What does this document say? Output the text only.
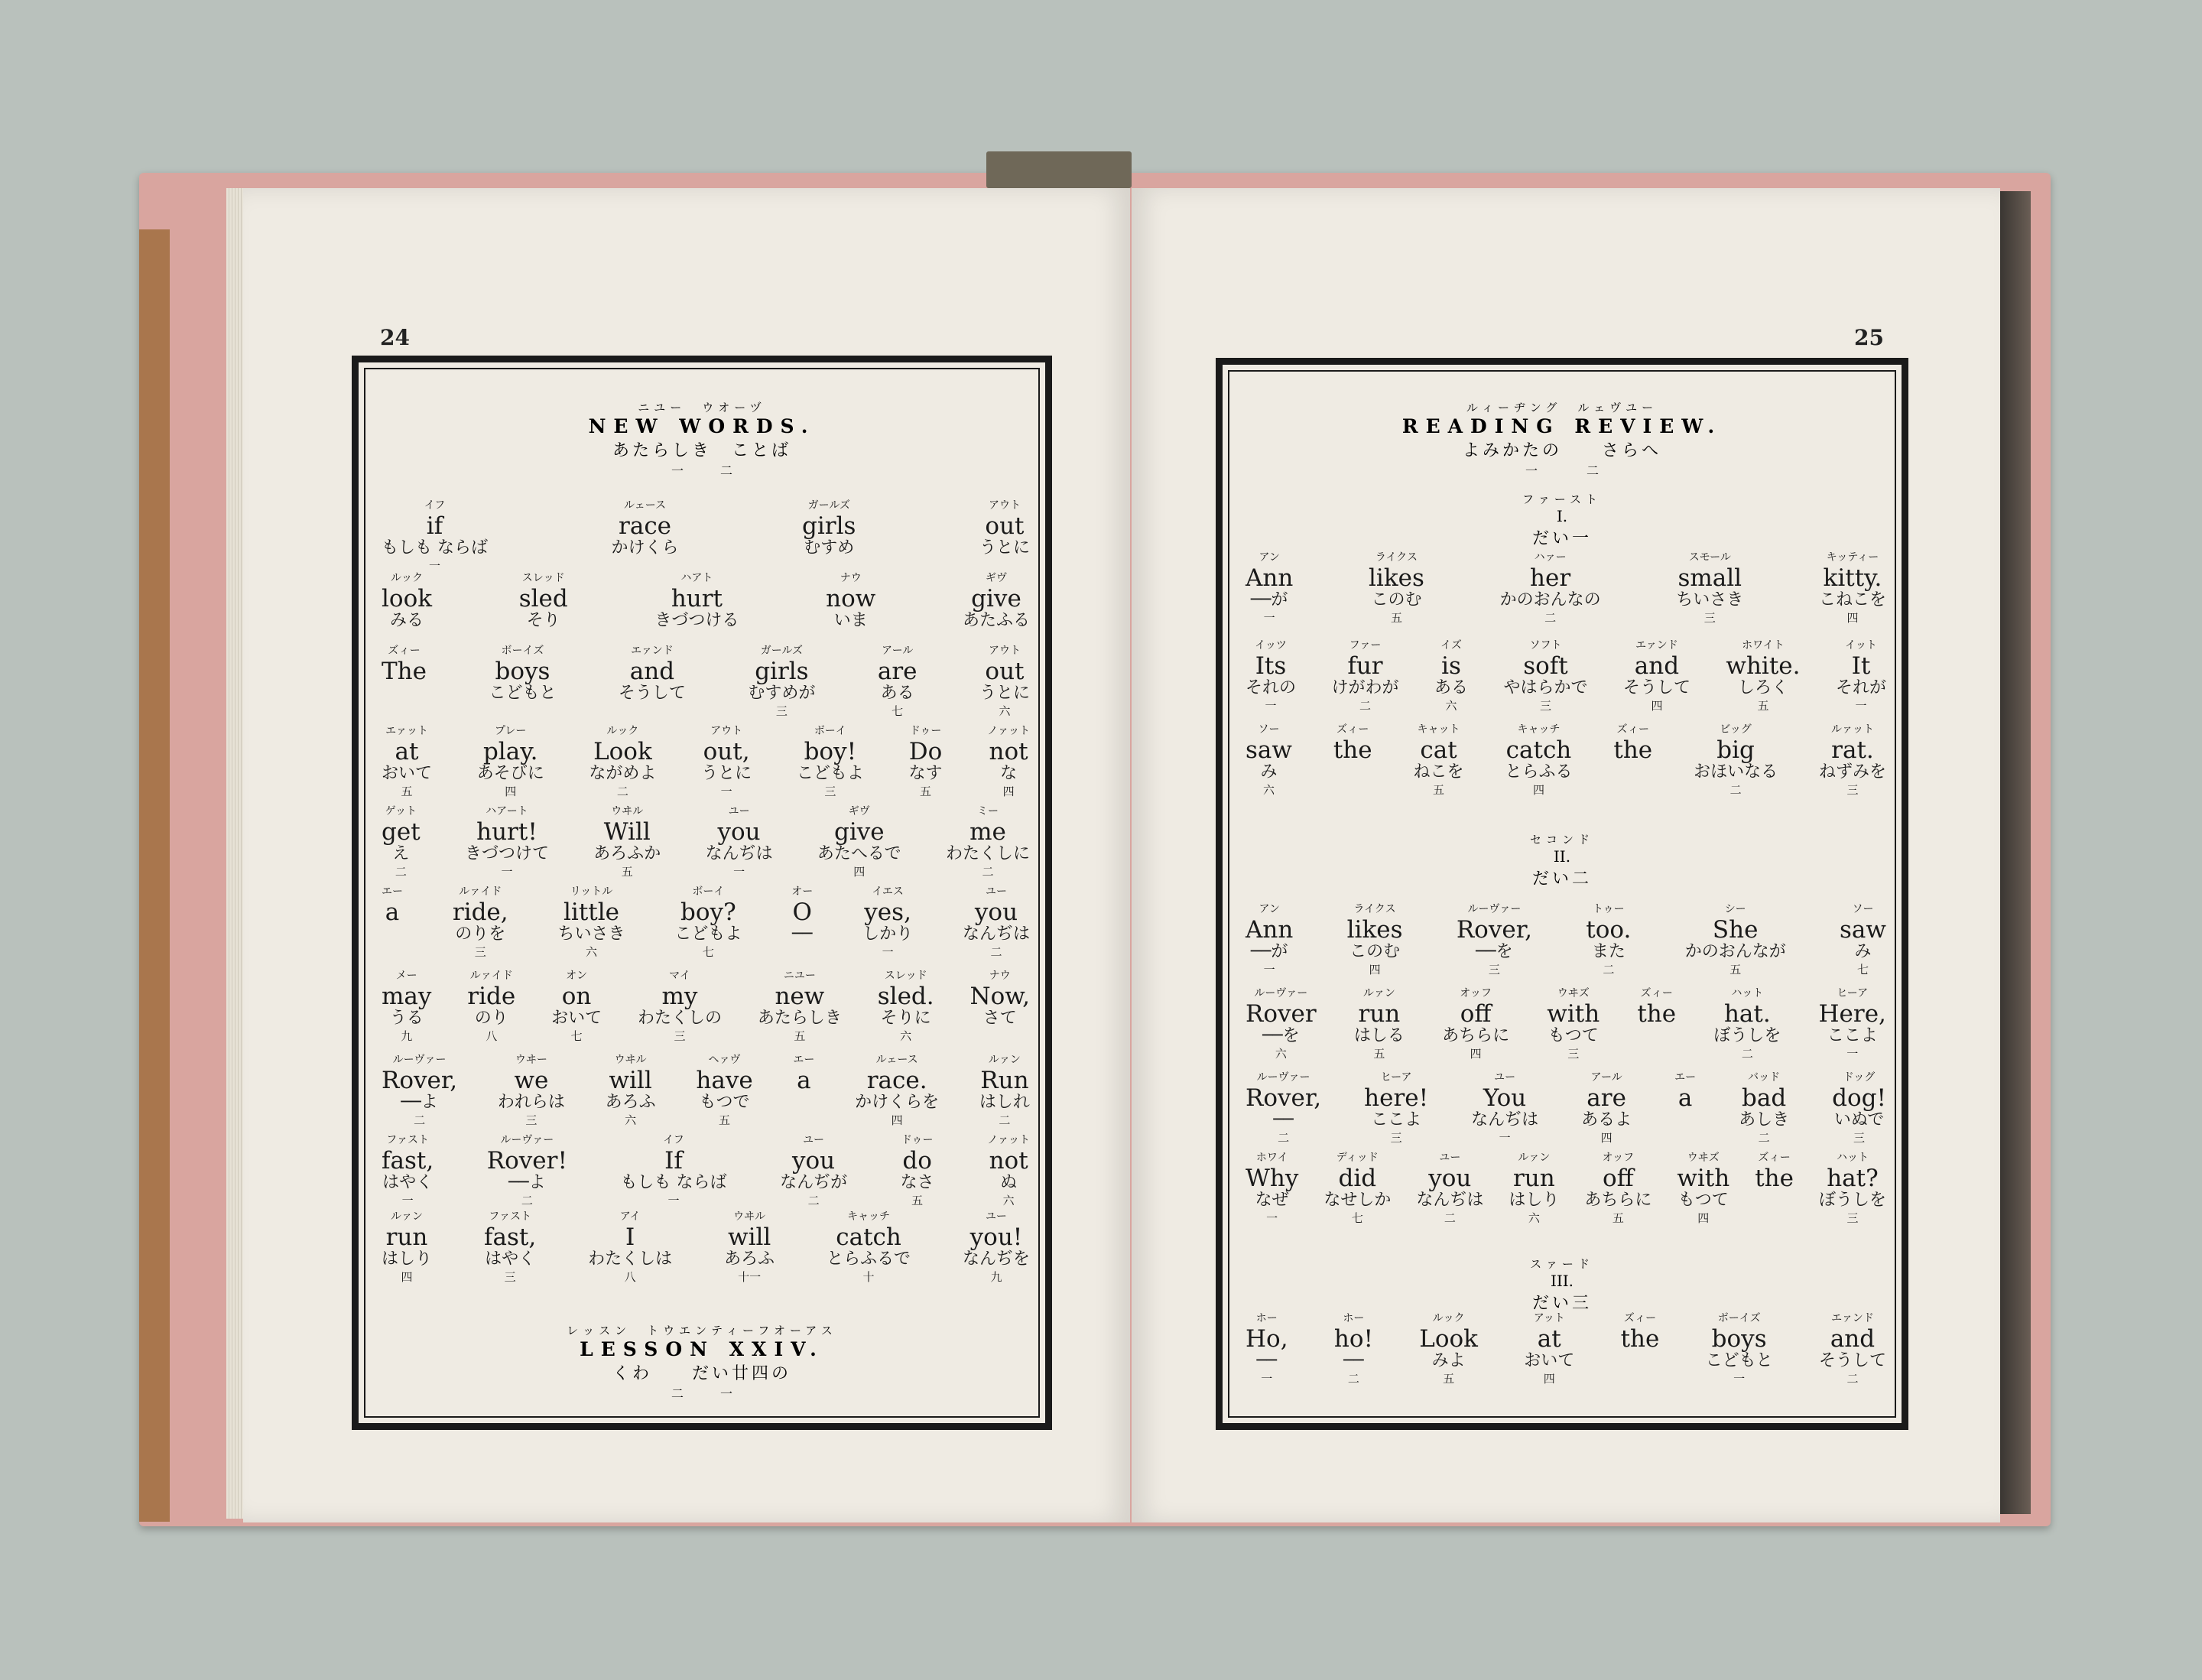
24	25
ニユー　ウオーヅ
NEW WORDS.
あたらしき　ことば
一　　　二
イフ
if
もしも ならば
一
ルェース
race
かけくら
ガールズ
girls
むすめ
アウト
out
うとに
ルック
look
みる
スレッド
sled
そり
ハアト
hurt
きづつける
ナウ
now
いま
ギヴ
give
あたふる
ズィー
The
ボーイズ
boys
こどもと
エァンド
and
そうして
ガールズ
girls
むすめが
三
アール
are
ある
七
アウト
out
うとに
六
エァット
at
おいて
五
プレー
play.
あそびに
四
ルック
Look
ながめよ
二
アウト
out,
うとに
一
ボーイ
boy!
こどもよ
三
ドゥー
Do
なす
五
ノァット
not
な
四
ゲット
get
え
二
ハアート
hurt!
きづつけて
一
ウヰル
Will
あろふか
五
ユー
you
なんぢは
一
ギヴ
give
あたへるで
四
ミー
me
わたくしに
二
エー
a
ルァイド
ride,
のりを
三
リットル
little
ちいさき
六
ボーイ
boy?
こどもよ
七
オー
O
──
イエス
yes,
しかり
一
ユー
you
なんぢは
二
メー
may
うる
九
ルァイド
ride
のり
八
オン
on
おいて
七
マイ
my
わたくしの
三
ニユー
new
あたらしき
五
スレッド
sled.
そりに
六
ナウ
Now,
さて
ルーヴァー
Rover,
──よ
二
ウヰー
we
われらは
三
ウヰル
will
あろふ
六
ヘァヴ
have
もつで
五
エー
a
ルェース
race.
かけくらを
四
ルァン
Run
はしれ
二
ファスト
fast,
はやく
一
ルーヴァー
Rover!
──よ
二
イフ
If
もしも ならば
一
ユー
you
なんぢが
二
ドゥー
do
なさ
五
ノァット
not
ぬ
六
ルァン
run
はしり
四
ファスト
fast,
はやく
三
アイ
I
わたくしは
八
ウヰル
will
あろふ
十一
キャッチ
catch
とらふるで
十
ユー
you!
なんぢを
九
レッスン　トウエンティーフオーアス
LESSON XXIV.
くわ　　だい廿四の
二　　　一
ルィーヂング　ルェヴユー
READING REVIEW.
よみかたの　　さらへ
一　　　　二
ファースト
I.
だい一
セコンド
II.
だい二
スァード
III.
だい三
アン
Ann
──が
一
ライクス
likes
このむ
五
ハァー
her
かのおんなの
二
スモール
small
ちいさき
三
キッティー
kitty.
こねこを
四
イッツ
Its
それの
一
ファー
fur
けがわが
二
イズ
is
ある
六
ソフト
soft
やはらかで
三
エァンド
and
そうして
四
ホワイト
white.
しろく
五
イット
It
それが
一
ソー
saw
み
六
ズィー
the
キャット
cat
ねこを
五
キャッチ
catch
とらふる
四
ズィー
the
ビッグ
big
おほいなる
二
ルァット
rat.
ねずみを
三
アン
Ann
──が
一
ライクス
likes
このむ
四
ルーヴァー
Rover,
──を
三
トゥー
too.
また
二
シー
She
かのおんなが
五
ソー
saw
み
七
ルーヴァー
Rover
──を
六
ルァン
run
はしる
五
オッフ
off
あちらに
四
ウヰズ
with
もつて
三
ズィー
the
ハット
hat.
ぼうしを
二
ヒーア
Here,
ここよ
一
ルーヴァー
Rover,
──
二
ヒーア
here!
ここよ
三
ユー
You
なんぢは
一
アール
are
あるよ
四
エー
a
バッド
bad
あしき
二
ドッグ
dog!
いぬで
三
ホワイ
Why
なぜ
一
ディッド
did
なせしか
七
ユー
you
なんぢは
二
ルァン
run
はしり
六
オッフ
off
あちらに
五
ウヰズ
with
もつて
四
ズィー
the
ハット
hat?
ぼうしを
三
ホー
Ho,
──
一
ホー
ho!
──
二
ルック
Look
みよ
五
アット
at
おいて
四
ズィー
the
ボーイズ
boys
こどもと
一
エァンド
and
そうして
二
